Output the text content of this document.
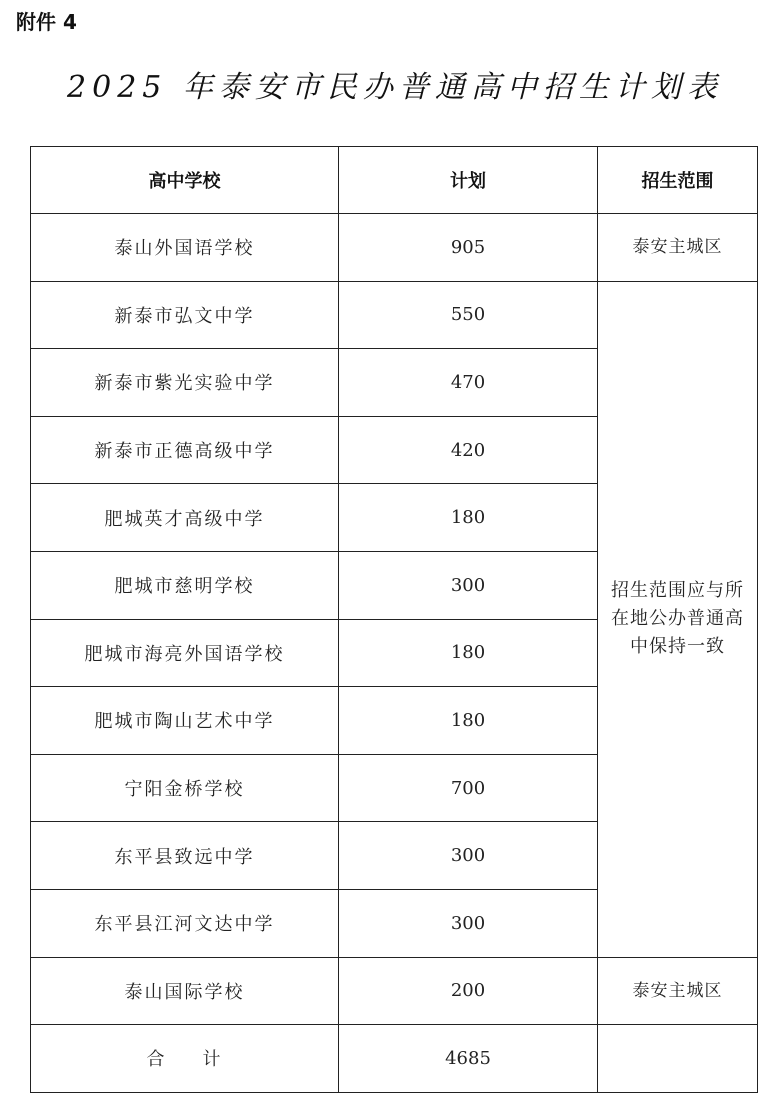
附件 4
2025 年泰安市民办普通高中招生计划表
高中学校	计划	招生范围
泰山外国语学校	905	泰安主城区
新泰市弘文中学	550	招生范围应与所在地公办普通高中保持一致
新泰市紫光实验中学	470	
新泰市正德高级中学	420	
肥城英才高级中学	180	
肥城市慈明学校	300	
肥城市海亮外国语学校	180	
肥城市陶山艺术中学	180	
宁阳金桥学校	700	
东平县致远中学	300	
东平县江河文达中学	300	
泰山国际学校	200	泰安主城区
合 计	4685	
